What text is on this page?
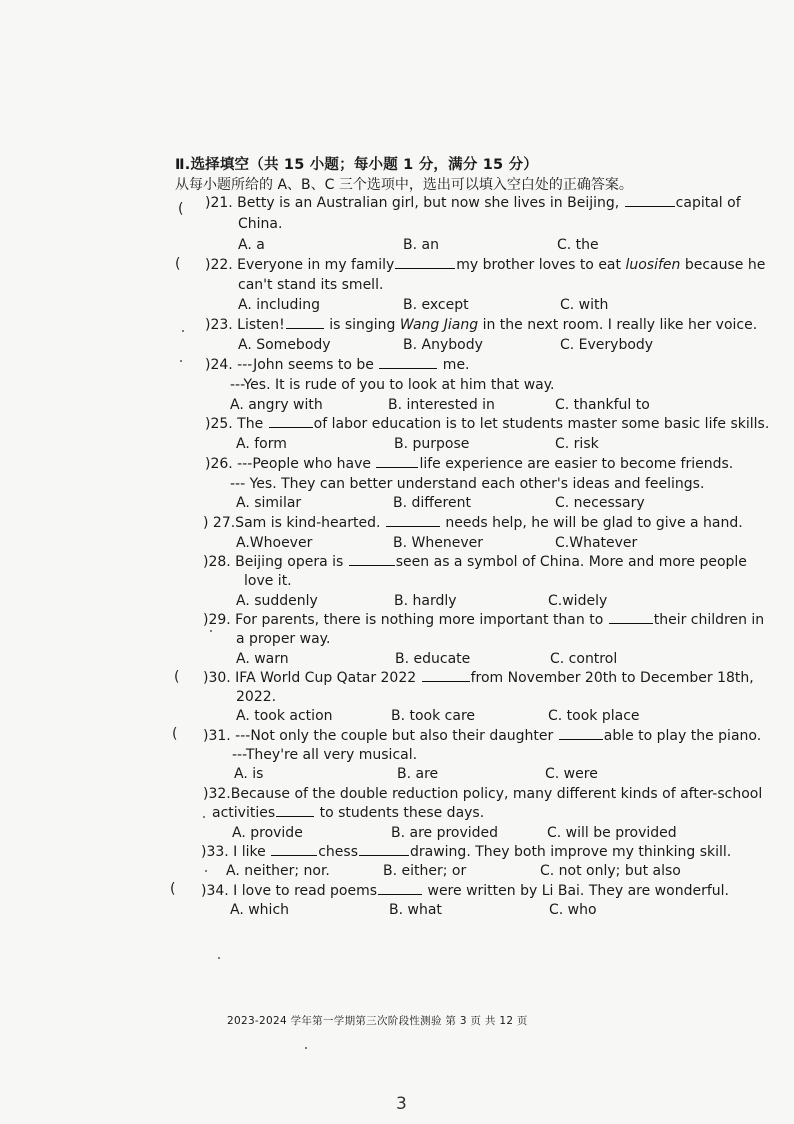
Ⅱ.选择填空（共 15 小题；每小题 1 分，满分 15 分）
从每小题所给的 A、B、C 三个选项中，选出可以填入空白处的正确答案。
( )21. Betty is an Australian girl, but now she lives in Beijing,	capital of
China.
A. a	B. an	C. the
( )22. Everyone in my family	my brother loves to eat luosifen because he
can't stand its smell.
A. including	B. except	C. with
)23. Listen!	is singing Wang Jiang in the next room. I really like her voice.
A. Somebody	B. Anybody	C. Everybody
)24. ---John seems to be	me.
---Yes. It is rude of you to look at him that way.
A. angry with	B. interested in	C. thankful to
)25. The	of labor education is to let students master some basic life skills.
A. form	B. purpose	C. risk
)26. ---People who have	life experience are easier to become friends.
--- Yes. They can better understand each other's ideas and feelings.
A. similar	B. different	C. necessary
) 27.Sam is kind-hearted.	needs help, he will be glad to give a hand.
A.Whoever	B. Whenever	C.Whatever
)28. Beijing opera is	seen as a symbol of China. More and more people
love it.
A. suddenly	B. hardly	C.widely
)29. For parents, there is nothing more important than to	their children in
a proper way.
A. warn	B. educate	C. control
( )30. IFA World Cup Qatar 2022	from November 20th to December 18th,
2022.
A. took action	B. took care	C. took place
( )31. ---Not only the couple but also their daughter	able to play the piano.
---They're all very musical.
A. is	B. are	C. were
)32.Because of the double reduction policy, many different kinds of after-school
activities	to students these days.
A. provide	B. are provided	C. will be provided
)33. I like	chess	drawing. They both improve my thinking skill.
A. neither; nor.	B. either; or	C. not only; but also
( )34. I love to read poems	were written by Li Bai. They are wonderful.
A. which	B. what	C. who
2023-2024 学年第一学期第三次阶段性测验 第 3 页 共 12 页
3
